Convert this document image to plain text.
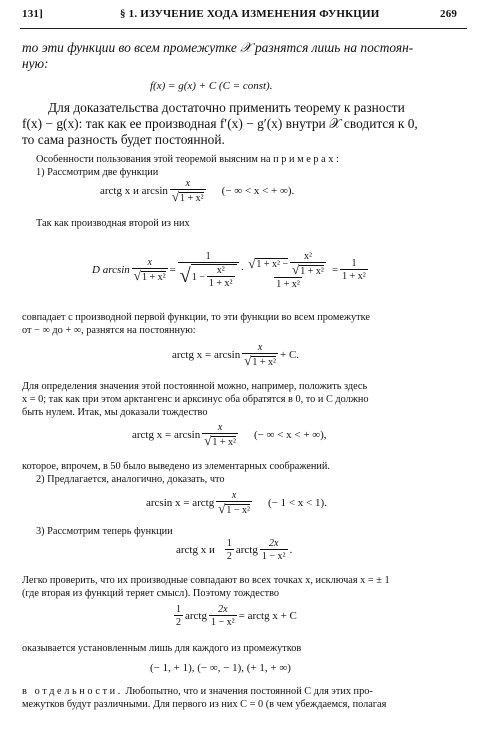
131]	§ 1. ИЗУЧЕНИЕ ХОДА ИЗМЕНЕНИЯ ФУНКЦИИ	269
то эти функции во всем промежутке 𝒳 разнятся лишь на постоян-
ную:
f(x) = g(x) + C (C = const).
Для доказательства достаточно применить теорему к разности
f(x) − g(x): так как ее производная f′(x) − g′(x) внутри 𝒳 сводится к 0,
то сама разность будет постоянной.
Особенности пользования этой теоремой выясним на примерах:
1) Рассмотрим две функции
arctg x и $\arcsin \frac{x}{\text{√1 + x²}}$ (− ∞ < x < + ∞).
Так как производная второй из них
D $\arcsin \frac{x}{\text{√1 + x²}}$ =
1
√ $1 - \frac{\text{x²}}{\text{1 + x²}} \cdot \frac{√ 1 + x^2 - \frac{\text{x²}}{\text{√1 + x²}}}{\text{1 + x²}} = \frac{1}{\text{1 + x²}}$
совпадает с производной первой функции, то эти функции во всем промежутке
от − ∞ до + ∞, разнятся на постоянную:
arctg $x = \arcsin \frac{x}{\text{√1 + x²}} + C$.
Для определения значения этой постоянной можно, например, положить здесь
x = 0; так как при этом арктангенс и арксинус оба обратятся в 0, то и C должно
быть нулем. Итак, мы доказали тождество
arctg $x = \arcsin \frac{x}{\text{√1 + x²}}$ (− ∞ < x < + ∞),
которое, впрочем, в 50 было выведено из элементарных соображений.
2) Предлагается, аналогично, доказать, что
arcsin x = arctg $\frac{x}{\text{√1 − x²}}$ (− 1 < x < 1).
3) Рассмотрим теперь функции
arctg x и $\frac{1}{2}$ arctg $\frac{2x}{\text{1 − x²}}$ .
Легко проверить, что их производные совпадают во всех точках x, исключая x = ± 1
(где вторая из функций теряет смысл). Поэтому тождество
$\frac{1}{2}$ arctg $\frac{2x}{\text{1 − x²}}$ = arctg x + C
оказывается установленным лишь для каждого из промежутков
(− 1, + 1), (− ∞, − 1), (+ 1, + ∞)
в отдельности. Любопытно, что и значения постоянной C для этих про-
межутков будут различными. Для первого из них C = 0 (в чем убеждаемся, полагая
